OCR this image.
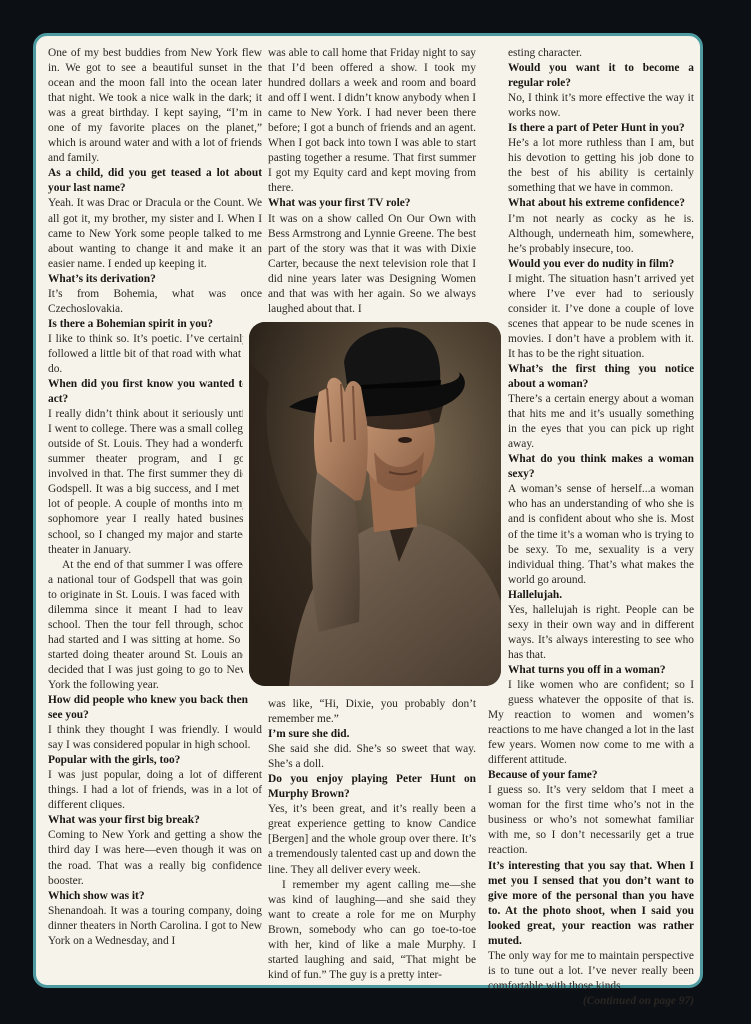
One of my best buddies from New York flew in. We got to see a beautiful sunset in the ocean and the moon fall into the ocean later that night. We took a nice walk in the dark; it was a great birthday. I kept saying, “I’m in one of my favorite places on the planet,” which is around water and with a lot of friends and family.

As a child, did you get teased a lot about your last name?

Yeah. It was Drac or Dracula or the Count. We all got it, my brother, my sister and I. When I came to New York some people talked to me about wanting to change it and make it an easier name. I ended up keeping it.

What’s its derivation?

It’s from Bohemia, what was once Czechoslovakia.

Is there a Bohemian spirit in you?

I like to think so. It’s poetic. I’ve certainly followed a little bit of that road with what I do.

When did you first know you wanted to act?

I really didn’t think about it seriously until I went to college. There was a small college outside of St. Louis. They had a wonderful summer theater program, and I got involved in that. The first summer they did Godspell. It was a big success, and I met a lot of people. A couple of months into my sophomore year I really hated business school, so I changed my major and started theater in January.

At the end of that summer I was offered a national tour of Godspell that was going to originate in St. Louis. I was faced with a dilemma since it meant I had to leave school. Then the tour fell through, school had started and I was sitting at home. So I started doing theater around St. Louis and decided that I was just going to go to New York the following year.

How did people who knew you back then see you?

I think they thought I was friendly. I would say I was considered popular in high school.

Popular with the girls, too?

I was just popular, doing a lot of different things. I had a lot of friends, was in a lot of different cliques.

What was your first big break?

Coming to New York and getting a show the third day I was here—even though it was on the road. That was a really big confidence booster.

Which show was it?

Shenandoah. It was a touring company, doing dinner theaters in North Carolina. I got to New York on a Wednesday, and I

was able to call home that Friday night to say that I’d been offered a show. I took my hundred dollars a week and room and board and off I went. I didn’t know anybody when I came to New York. I had never been there before; I got a bunch of friends and an agent. When I got back into town I was able to start pasting together a resume. That first summer I got my Equity card and kept moving from there.

What was your first TV role?

It was on a show called On Our Own with Bess Armstrong and Lynnie Greene. The best part of the story was that it was with Dixie Carter, because the next television role that I did nine years later was Designing Women and that was with her again. So we always laughed about that. I

was like, “Hi, Dixie, you probably don’t remember me.”

I’m sure she did.

She said she did. She’s so sweet that way. She’s a doll.

Do you enjoy playing Peter Hunt on Murphy Brown?

Yes, it’s been great, and it’s really been a great experience getting to know Candice [Bergen] and the whole group over there. It’s a tremendously talented cast up and down the line. They all deliver every week.

I remember my agent calling me—she was kind of laughing—and she said they want to create a role for me on Murphy Brown, somebody who can go toe-to-toe with her, kind of like a male Murphy. I started laughing and said, “That might be kind of fun.” The guy is a pretty inter-

esting character.

Would you want it to become a regular role?

No, I think it’s more effective the way it works now.

Is there a part of Peter Hunt in you?

He’s a lot more ruthless than I am, but his devotion to getting his job done to the best of his ability is certainly something that we have in common.

What about his extreme confidence?

I’m not nearly as cocky as he is. Although, underneath him, somewhere, he’s probably insecure, too.

Would you ever do nudity in film?

I might. The situation hasn’t arrived yet where I’ve ever had to seriously consider it. I’ve done a couple of love scenes that appear to be nude scenes in movies. I don’t have a problem with it. It has to be the right situation.

What’s the first thing you notice about a woman?

There’s a certain energy about a woman that hits me and it’s usually something in the eyes that you can pick up right away.

What do you think makes a woman sexy?

A woman’s sense of herself...a woman who has an understanding of who she is and is confident about who she is. Most of the time it’s a woman who is trying to be sexy. To me, sexuality is a very individual thing. That’s what makes the world go around.

Hallelujah.

Yes, hallelujah is right. People can be sexy in their own way and in different ways. It’s always interesting to see who has that.

What turns you off in a woman?

I like women who are confident; so I guess whatever the opposite of that is. My reaction to women and women’s reactions to me have changed a lot in the last few years. Women now come to me with a different attitude.

Because of your fame?

I guess so. It’s very seldom that I meet a woman for the first time who’s not in the business or who’s not somewhat familiar with me, so I don’t necessarily get a true reaction.

It’s interesting that you say that. When I met you I sensed that you don’t want to give more of the personal than you have to. At the photo shoot, when I said you looked great, your reaction was rather muted.

The only way for me to maintain perspective is to tune out a lot. I’ve never really been comfortable with those kinds

(Continued on page 97)
